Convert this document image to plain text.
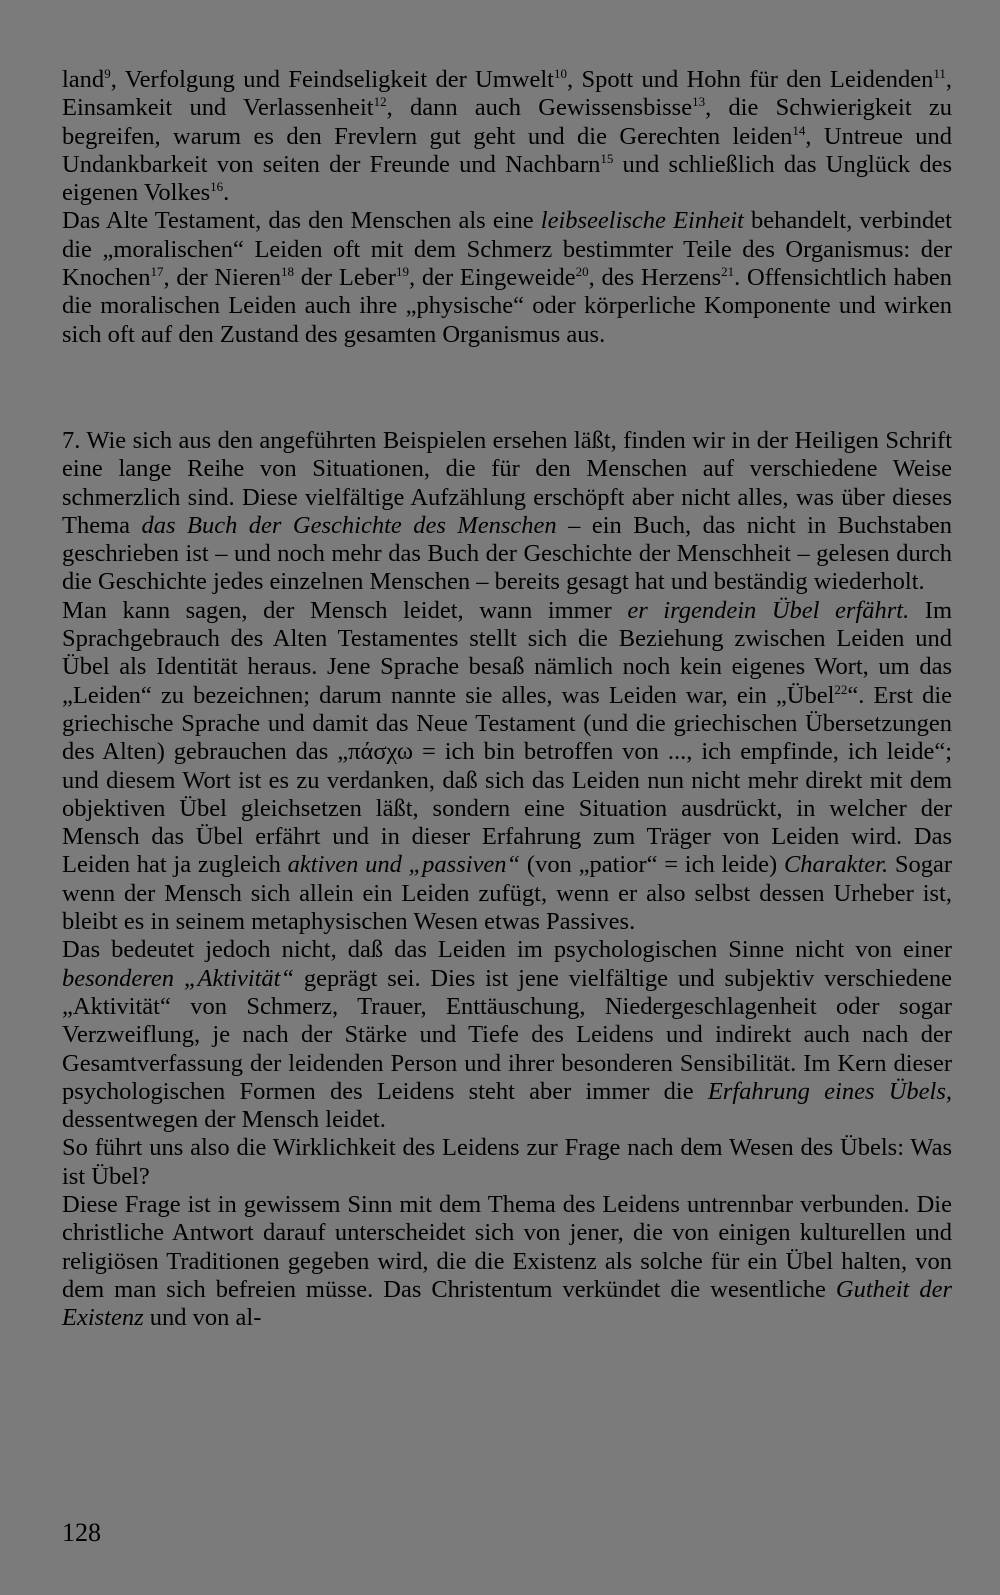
land$^9$, Verfolgung und Feindseligkeit der Umwelt$^{10}$, Spott und Hohn für den Leidenden$^{11}$, Einsamkeit und Verlassenheit$^{12}$, dann auch Gewissensbisse$^{13}$, die Schwierigkeit zu begreifen, warum es den Frevlern gut geht und die Gerechten leiden$^{14}$, Untreue und Undankbarkeit von seiten der Freunde und Nachbarn$^{15}$ und schließlich das Unglück des eigenen Volkes$^{16}$.

Das Alte Testament, das den Menschen als eine leibseelische Einheit behandelt, verbindet die „moralischen“ Leiden oft mit dem Schmerz bestimmter Teile des Organismus: der Knochen$^{17}$, der Nieren$^{18}$ der Leber$^{19}$, der Eingeweide$^{20}$, des Herzens$^{21}$. Offensichtlich haben die moralischen Leiden auch ihre „physische“ oder körperliche Komponente und wirken sich oft auf den Zustand des gesamten Organismus aus.

7. Wie sich aus den angeführten Beispielen ersehen läßt, finden wir in der Heiligen Schrift eine lange Reihe von Situationen, die für den Menschen auf verschiedene Weise schmerzlich sind. Diese vielfältige Aufzählung erschöpft aber nicht alles, was über dieses Thema das Buch der Geschichte des Menschen – ein Buch, das nicht in Buchstaben geschrieben ist – und noch mehr das Buch der Geschichte der Menschheit – gelesen durch die Geschichte jedes einzelnen Menschen – bereits gesagt hat und beständig wiederholt.

Man kann sagen, der Mensch leidet, wann immer er irgendein Übel erfährt. Im Sprachgebrauch des Alten Testamentes stellt sich die Beziehung zwischen Leiden und Übel als Identität heraus. Jene Sprache besaß nämlich noch kein eigenes Wort, um das „Leiden“ zu bezeichnen; darum nannte sie alles, was Leiden war, ein „Übel$^{22}$“. Erst die griechische Sprache und damit das Neue Testament (und die griechischen Übersetzungen des Alten) gebrauchen das „πάσχω = ich bin betroffen von ..., ich empfinde, ich leide“; und diesem Wort ist es zu verdanken, daß sich das Leiden nun nicht mehr direkt mit dem objektiven Übel gleichsetzen läßt, sondern eine Situation ausdrückt, in welcher der Mensch das Übel erfährt und in dieser Erfahrung zum Träger von Leiden wird. Das Leiden hat ja zugleich aktiven und „passiven“ (von „patior“ = ich leide) Charakter. Sogar wenn der Mensch sich allein ein Leiden zufügt, wenn er also selbst dessen Urheber ist, bleibt es in seinem metaphysischen Wesen etwas Passives.

Das bedeutet jedoch nicht, daß das Leiden im psychologischen Sinne nicht von einer besonderen „Aktivität“ geprägt sei. Dies ist jene vielfältige und subjektiv verschiedene „Aktivität“ von Schmerz, Trauer, Enttäuschung, Niedergeschlagenheit oder sogar Verzweiflung, je nach der Stärke und Tiefe des Leidens und indirekt auch nach der Gesamtverfassung der leidenden Person und ihrer besonderen Sensibilität. Im Kern dieser psychologischen Formen des Leidens steht aber immer die Erfahrung eines Übels, dessentwegen der Mensch leidet.

So führt uns also die Wirklichkeit des Leidens zur Frage nach dem Wesen des Übels: Was ist Übel?

Diese Frage ist in gewissem Sinn mit dem Thema des Leidens untrennbar verbunden. Die christliche Antwort darauf unterscheidet sich von jener, die von einigen kulturellen und religiösen Traditionen gegeben wird, die die Existenz als solche für ein Übel halten, von dem man sich befreien müsse. Das Christentum verkündet die wesentliche Gutheit der Existenz und von al-

128
